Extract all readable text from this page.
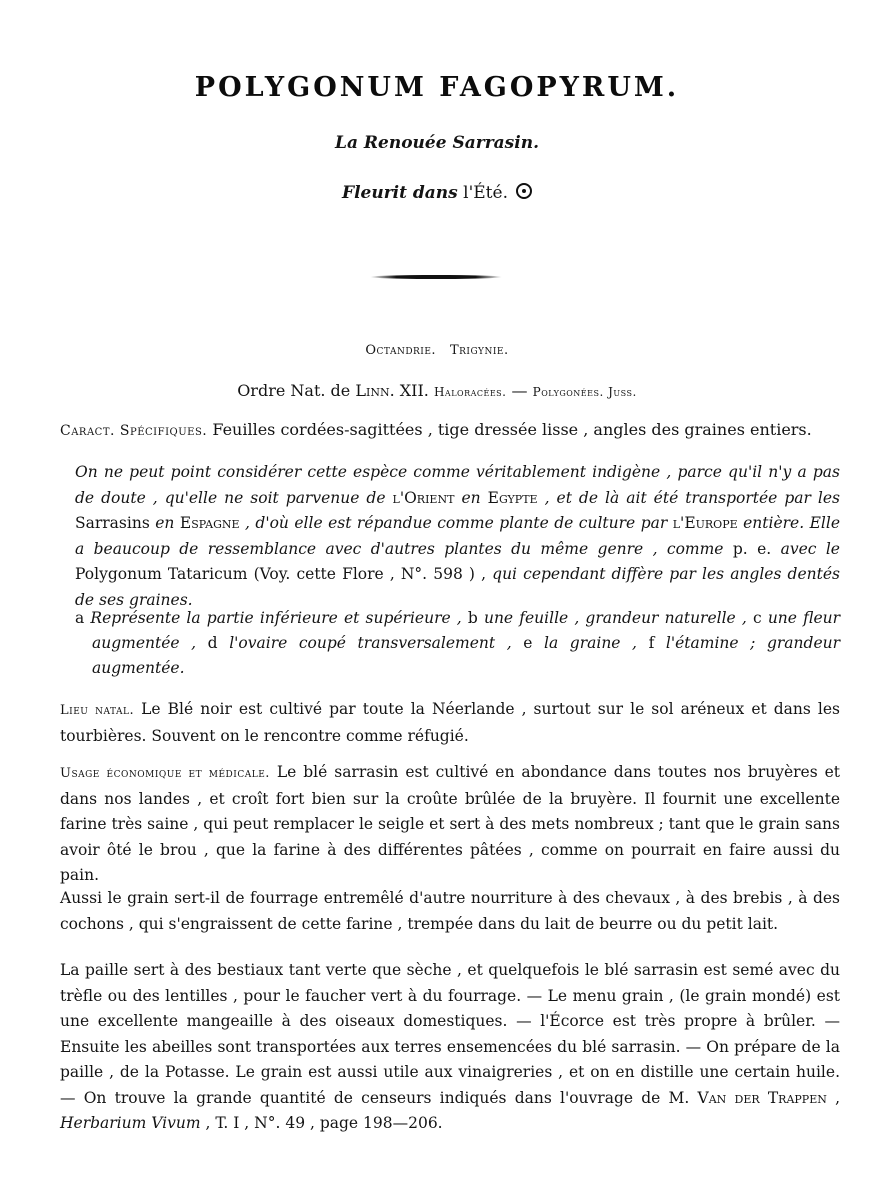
POLYGONUM FAGOPYRUM.
La Renouée Sarrasin.
Fleurit dans l'Été.
Octandrie. Trigynie.
Ordre Nat. de Linn. XII. Haloracées. — Polygonées. Juss.
Caract. Spécifiques. Feuilles cordées-sagittées , tige dressée lisse , angles des graines entiers.
On ne peut point considérer cette espèce comme véritablement indigène , parce qu'il n'y a pas de doute , qu'elle ne soit parvenue de l'Orient en Egypte , et de là ait été transportée par les Sarrasins en Espagne , d'où elle est répandue comme plante de culture par l'Europe entière. Elle a beaucoup de ressemblance avec d'autres plantes du même genre , comme p. e. avec le Polygonum Tataricum (Voy. cette Flore , N°. 598 ) , qui cependant diffère par les angles dentés de ses graines.
a Représente la partie inférieure et supérieure , b une feuille , grandeur naturelle , c une fleur augmentée , d l'ovaire coupé transversalement , e la graine , f l'étamine ; grandeur augmentée.
Lieu natal. Le Blé noir est cultivé par toute la Néerlande , surtout sur le sol aréneux et dans les tourbières. Souvent on le rencontre comme réfugié.
Usage économique et médicale. Le blé sarrasin est cultivé en abondance dans toutes nos bruyères et dans nos landes , et croît fort bien sur la croûte brûlée de la bruyère. Il fournit une excellente farine très saine , qui peut remplacer le seigle et sert à des mets nombreux ; tant que le grain sans avoir ôté le brou , que la farine à des différentes pâtées , comme on pourrait en faire aussi du pain.
Aussi le grain sert-il de fourrage entremêlé d'autre nourriture à des chevaux , à des brebis , à des cochons , qui s'engraissent de cette farine , trempée dans du lait de beurre ou du petit lait.
La paille sert à des bestiaux tant verte que sèche , et quelquefois le blé sarrasin est semé avec du trèfle ou des lentilles , pour le faucher vert à du fourrage. — Le menu grain , (le grain mondé) est une excellente mangeaille à des oiseaux domestiques. — l'Écorce est très propre à brûler. — Ensuite les abeilles sont transportées aux terres ensemencées du blé sarrasin. — On prépare de la paille , de la Potasse. Le grain est aussi utile aux vinaigreries , et on en distille une certain huile. — On trouve la grande quantité de censeurs indiqués dans l'ouvrage de M. Van der Trappen , Herbarium Vivum , T. I , N°. 49 , page 198—206.
